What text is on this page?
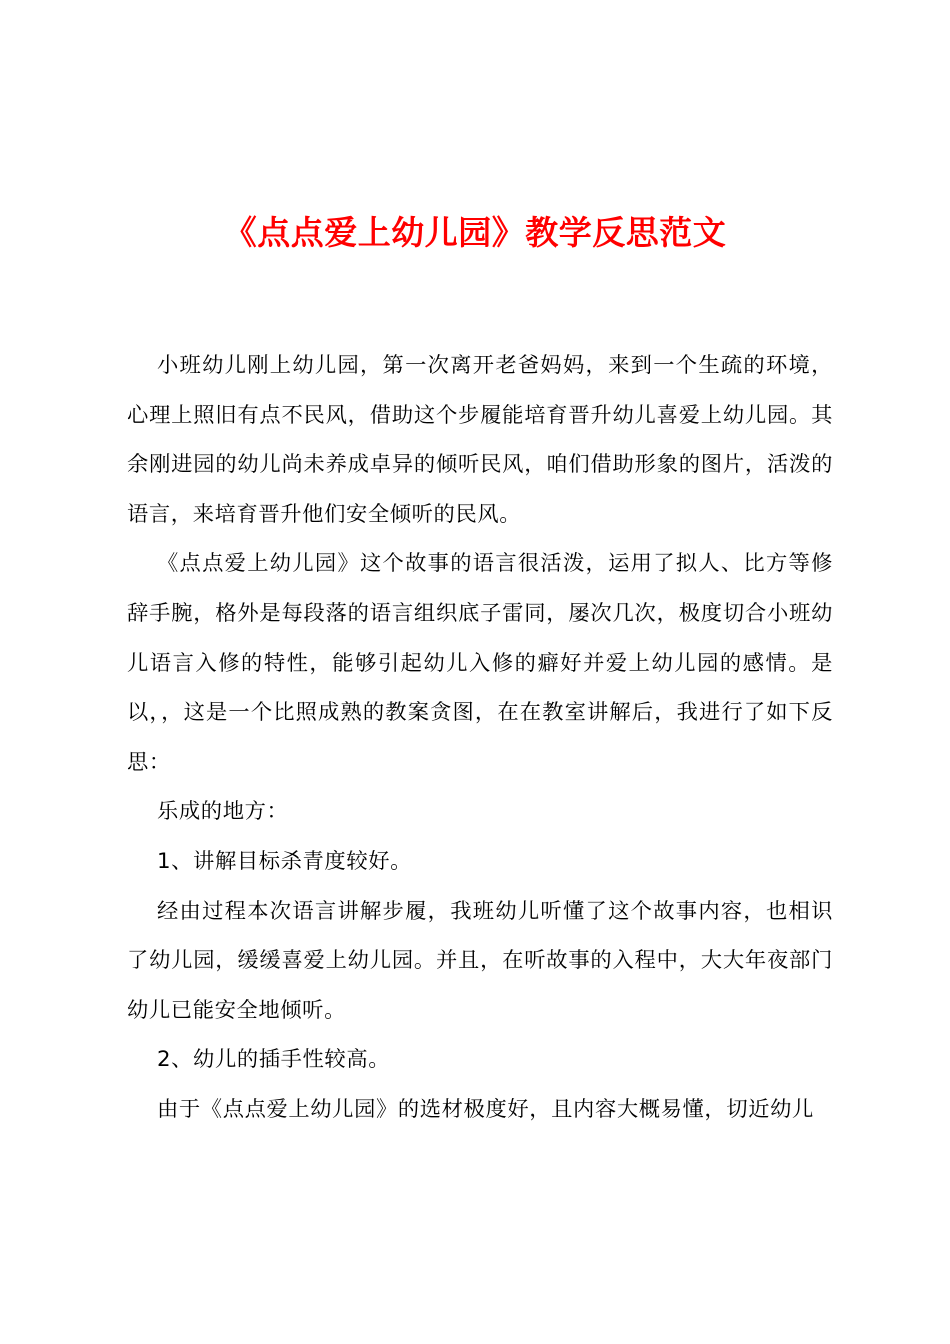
《点点爱上幼儿园》教学反思范文

小班幼儿刚上幼儿园，第一次离开老爸妈妈，来到一个生疏的环境，心理上照旧有点不民风，借助这个步履能培育晋升幼儿喜爱上幼儿园。其余刚进园的幼儿尚未养成卓异的倾听民风，咱们借助形象的图片，活泼的语言，来培育晋升他们安全倾听的民风。

《点点爱上幼儿园》这个故事的语言很活泼，运用了拟人、比方等修辞手腕，格外是每段落的语言组织底子雷同，屡次几次，极度切合小班幼儿语言入修的特性，能够引起幼儿入修的癖好并爱上幼儿园的感情。是以，，这是一个比照成熟的教案贪图，在在教室讲解后，我进行了如下反思：

乐成的地方：

1、讲解目标杀青度较好。

经由过程本次语言讲解步履，我班幼儿听懂了这个故事内容，也相识了幼儿园，缓缓喜爱上幼儿园。并且，在听故事的入程中，大大年夜部门幼儿已能安全地倾听。

2、幼儿的插手性较高。

由于《点点爱上幼儿园》的选材极度好，且内容大概易懂，切近幼儿
